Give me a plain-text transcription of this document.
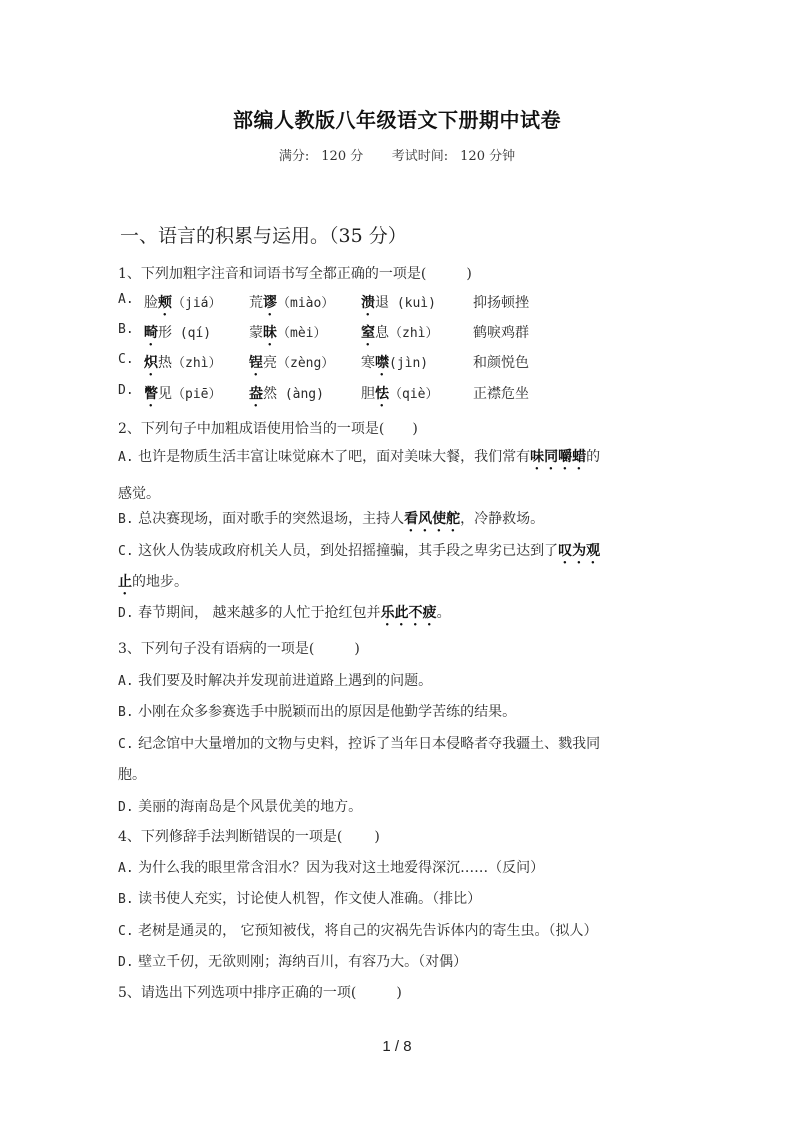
部编人教版八年级语文下册期中试卷
满分: 120 分 考试时间: 120 分钟
一、语言的积累与运用。（35 分）
1、下列加粗字注音和词语书写全都正确的一项是(	)
A. 脸颊（jiá） 荒谬（miào） 溃退 (kuì)	抑扬顿挫
B. 畸形 (qí)	蒙昧（mèi） 窒息（zhì） 鹤唳鸡群
C. 炽热（zhì） 锃亮（zèng） 寒噤(jìn)	和颜悦色
D. 瞥见（piē） 盎然 (àng)	胆怯（qiè） 正襟危坐
2、下列句子中加粗成语使用恰当的一项是( )
A. 也许是物质生活丰富让味觉麻木了吧，面对美味大餐，我们常有味同嚼蜡的
感觉。
B. 总决赛现场，面对歌手的突然退场，主持人看风使舵，冷静救场。
C. 这伙人伪装成政府机关人员，到处招摇撞骗，其手段之卑劣已达到了叹为观
止的地步。
D. 春节期间， 越来越多的人忙于抢红包并乐此不疲。
3、下列句子没有语病的一项是(	)
A. 我们要及时解决并发现前进道路上遇到的问题。
B. 小刚在众多参赛选手中脱颖而出的原因是他勤学苦练的结果。
C. 纪念馆中大量增加的文物与史料，控诉了当年日本侵略者夺我疆土、戮我同
胞。
D. 美丽的海南岛是个风景优美的地方。
4、下列修辞手法判断错误的一项是( )
A. 为什么我的眼里常含泪水？因为我对这土地爱得深沉……（反问）
B. 读书使人充实，讨论使人机智，作文使人准确。（排比）
C. 老树是通灵的， 它预知被伐，将自己的灾祸先告诉体内的寄生虫。（拟人）
D. 壁立千仞，无欲则刚；海纳百川，有容乃大。（对偶）
5、请选出下列选项中排序正确的一项(	)
1 / 8
